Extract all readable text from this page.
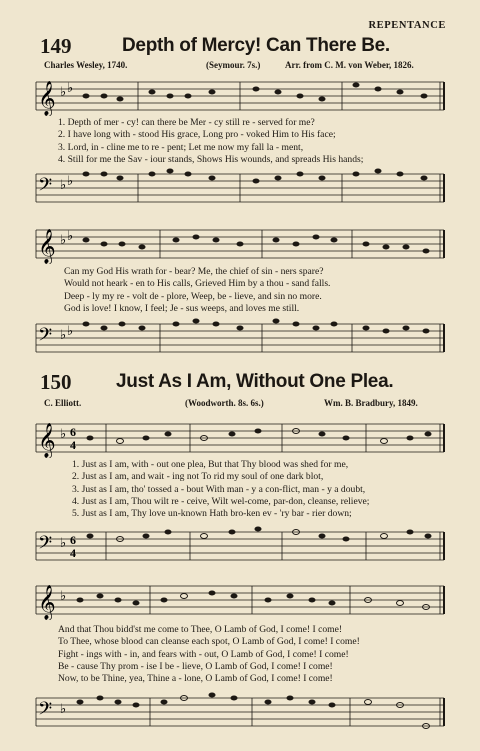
REPENTANCE
149	Depth of Mercy! Can There Be.
Charles Wesley, 1740.	(Seymour. 7s.)	Arr. from C. M. von Weber, 1826.
𝄞 ♭ ♭
1. Depth of mer - cy! can there be Mer - cy still re - served for me?
2. I have long with - stood His grace, Long pro - voked Him to His face;
3. Lord, in - cline me to re - pent; Let me now my fall la - ment,
4. Still for me the Sav - iour stands, Shows His wounds, and spreads His hands;
𝄢 ♭ ♭
𝄞 ♭ ♭
Can my God His wrath for - bear? Me, the chief of sin - ners spare?
Would not heark - en to His calls, Grieved Him by a thou - sand falls.
Deep - ly my re - volt de - plore, Weep, be - lieve, and sin no more.
God is love! I know, I feel; Je - sus weeps, and loves me still.
𝄢 ♭ ♭
150 Just As I Am, Without One Plea.
C. Elliott.	(Woodworth. 8s. 6s.)	Wm. B. Bradbury, 1849.
𝄞 ♭ 6
4
1. Just as I am, with - out one plea, But that Thy blood was shed for me,
2. Just as I am, and wait - ing not To rid my soul of one dark blot,
3. Just as I am, tho' tossed a - bout With man - y a con-flict, man - y a doubt,
4. Just as I am, Thou wilt re - ceive, Wilt wel-come, par-don, cleanse, relieve;
5. Just as I am, Thy love un-known Hath bro-ken ev - 'ry bar - rier down;
𝄢 ♭ 6
4
𝄞 ♭
And that Thou bidd'st me come to Thee, O Lamb of God, I come! I come!
To Thee, whose blood can cleanse each spot, O Lamb of God, I come! I come!
Fight - ings with - in, and fears with - out, O Lamb of God, I come! I come!
Be - cause Thy prom - ise I be - lieve, O Lamb of God, I come! I come!
Now, to be Thine, yea, Thine a - lone, O Lamb of God, I come! I come!
𝄢 ♭
